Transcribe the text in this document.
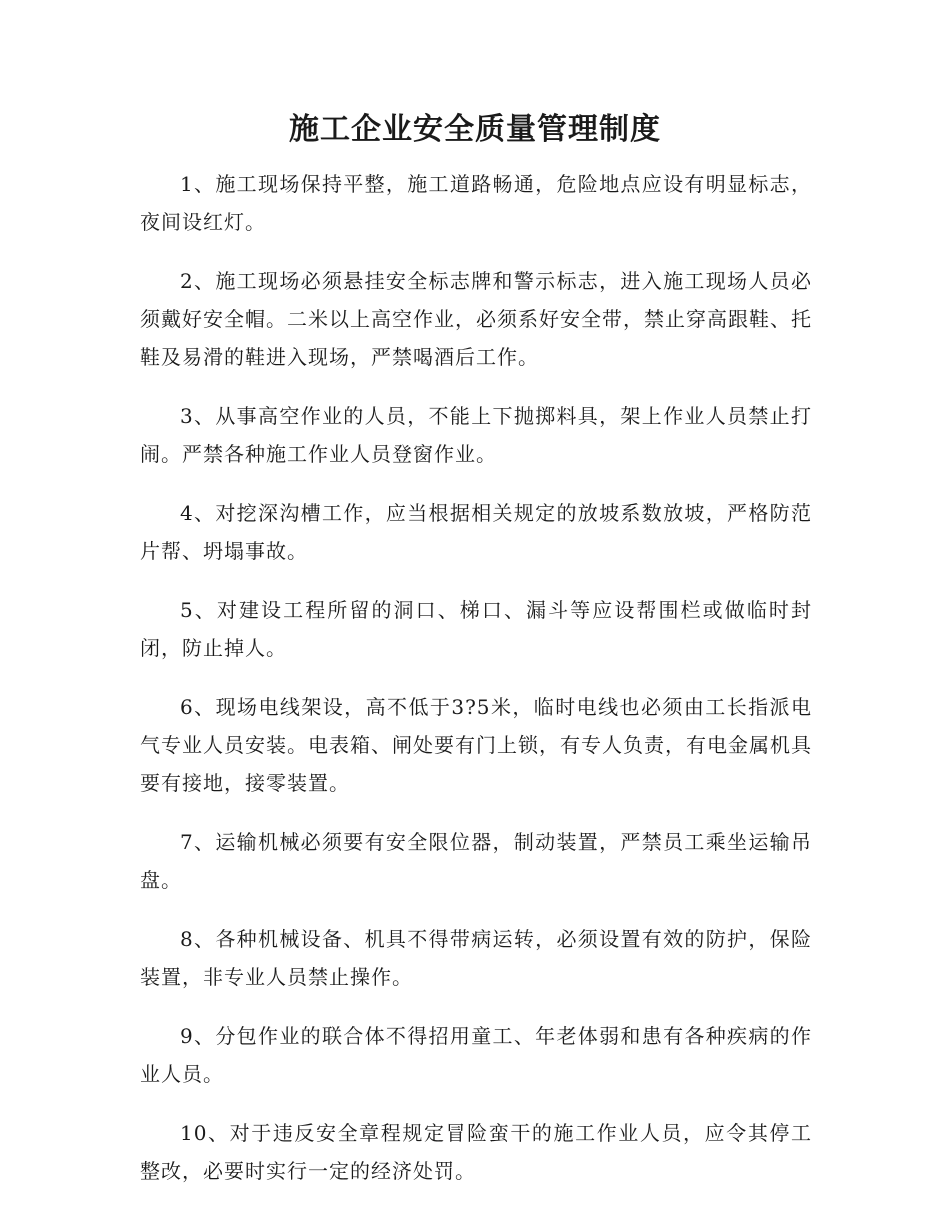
施工企业安全质量管理制度

1、施工现场保持平整，施工道路畅通，危险地点应设有明显标志，夜间设红灯。

2、施工现场必须悬挂安全标志牌和警示标志，进入施工现场人员必须戴好安全帽。二米以上高空作业，必须系好安全带，禁止穿高跟鞋、托鞋及易滑的鞋进入现场，严禁喝酒后工作。

3、从事高空作业的人员，不能上下抛掷料具，架上作业人员禁止打闹。严禁各种施工作业人员登窗作业。

4、对挖深沟槽工作，应当根据相关规定的放坡系数放坡，严格防范片帮、坍塌事故。

5、对建设工程所留的洞口、梯口、漏斗等应设帮围栏或做临时封闭，防止掉人。

6、现场电线架设，高不低于3?5米，临时电线也必须由工长指派电气专业人员安装。电表箱、闸处要有门上锁，有专人负责，有电金属机具要有接地，接零装置。

7、运输机械必须要有安全限位器，制动装置，严禁员工乘坐运输吊盘。

8、各种机械设备、机具不得带病运转，必须设置有效的防护，保险装置，非专业人员禁止操作。

9、分包作业的联合体不得招用童工、年老体弱和患有各种疾病的作业人员。

10、对于违反安全章程规定冒险蛮干的施工作业人员，应令其停工整改，必要时实行一定的经济处罚。
